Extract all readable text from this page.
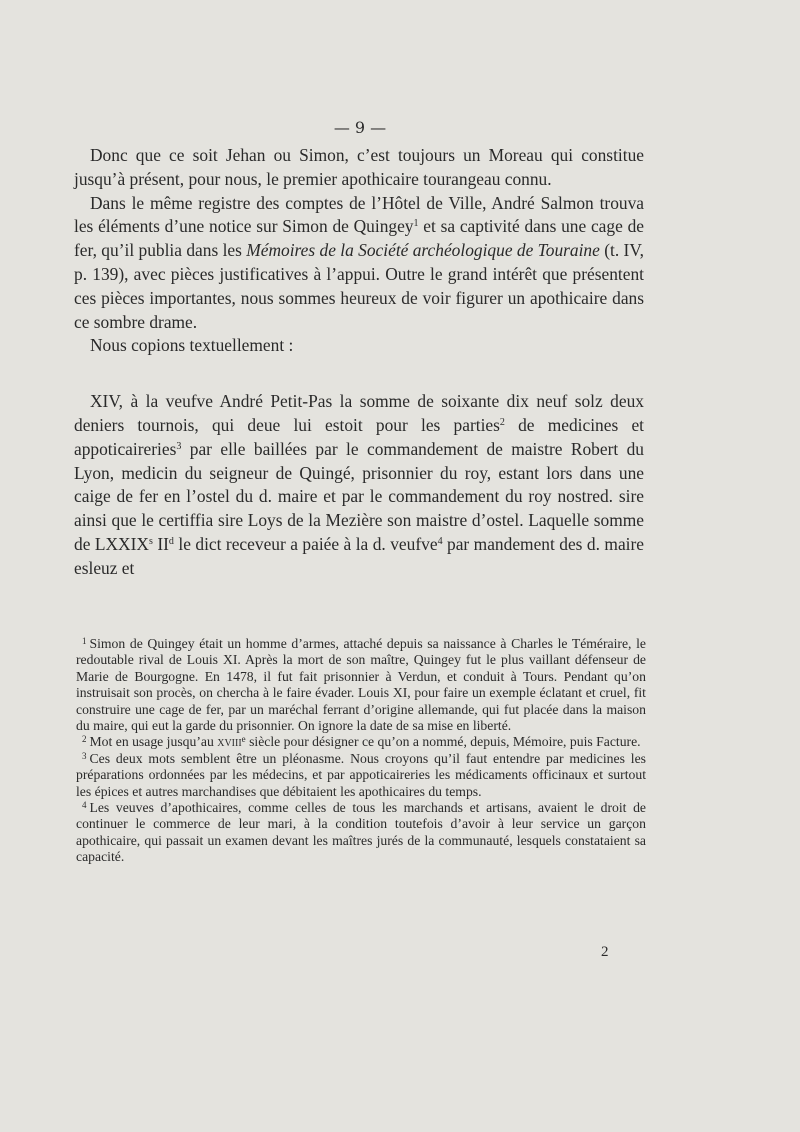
— 9 —

Donc que ce soit Jehan ou Simon, c’est toujours un Moreau qui constitue jusqu’à présent, pour nous, le premier apothicaire tourangeau connu.

Dans le même registre des comptes de l’Hôtel de Ville, André Salmon trouva les éléments d’une notice sur Simon de Quingey$^1$ et sa captivité dans une cage de fer, qu’il publia dans les Mémoires de la Société archéologique de Touraine (t. IV, p. 139), avec pièces justificatives à l’appui. Outre le grand intérêt que présentent ces pièces importantes, nous sommes heureux de voir figurer un apothicaire dans ce sombre drame.

Nous copions textuellement :

XIV, à la veufve André Petit-Pas la somme de soixante dix neuf solz deux deniers tournois, qui deue lui estoit pour les parties$^2$ de medicines et appoticaireries$^3$ par elle baillées par le commandement de maistre Robert du Lyon, medicin du seigneur de Quingé, prisonnier du roy, estant lors dans une caige de fer en l’ostel du d. maire et par le commandement du roy nostred. sire ainsi que le certiffia sire Loys de la Mezière son maistre d’ostel. Laquelle somme de LXXIX$^s$ $II^d$ le dict receveur a paiée à la d. veufve$^4$ par mandement des d. maire esleuz et

$^1$ Simon de Quingey était un homme d’armes, attaché depuis sa naissance à Charles le Téméraire, le redoutable rival de Louis XI. Après la mort de son maître, Quingey fut le plus vaillant défenseur de Marie de Bourgogne. En 1478, il fut fait prisonnier à Verdun, et conduit à Tours. Pendant qu’on instruisait son procès, on chercha à le faire évader. Louis XI, pour faire un exemple éclatant et cruel, fit construire une cage de fer, par un maréchal ferrant d’origine allemande, qui fut placée dans la maison du maire, qui eut la garde du prisonnier. On ignore la date de sa mise en liberté.

$^2$ Mot en usage jusqu’au xviii$^e$ siècle pour désigner ce qu’on a nommé, depuis, Mémoire, puis Facture.

$^3$ Ces deux mots semblent être un pléonasme. Nous croyons qu’il faut entendre par medicines les préparations ordonnées par les médecins, et par appoticaireries les médicaments officinaux et surtout les épices et autres marchandises que débitaient les apothicaires du temps.

$^4$ Les veuves d’apothicaires, comme celles de tous les marchands et artisans, avaient le droit de continuer le commerce de leur mari, à la condition toutefois d’avoir à leur service un garçon apothicaire, qui passait un examen devant les maîtres jurés de la communauté, lesquels constataient sa capacité.

2
